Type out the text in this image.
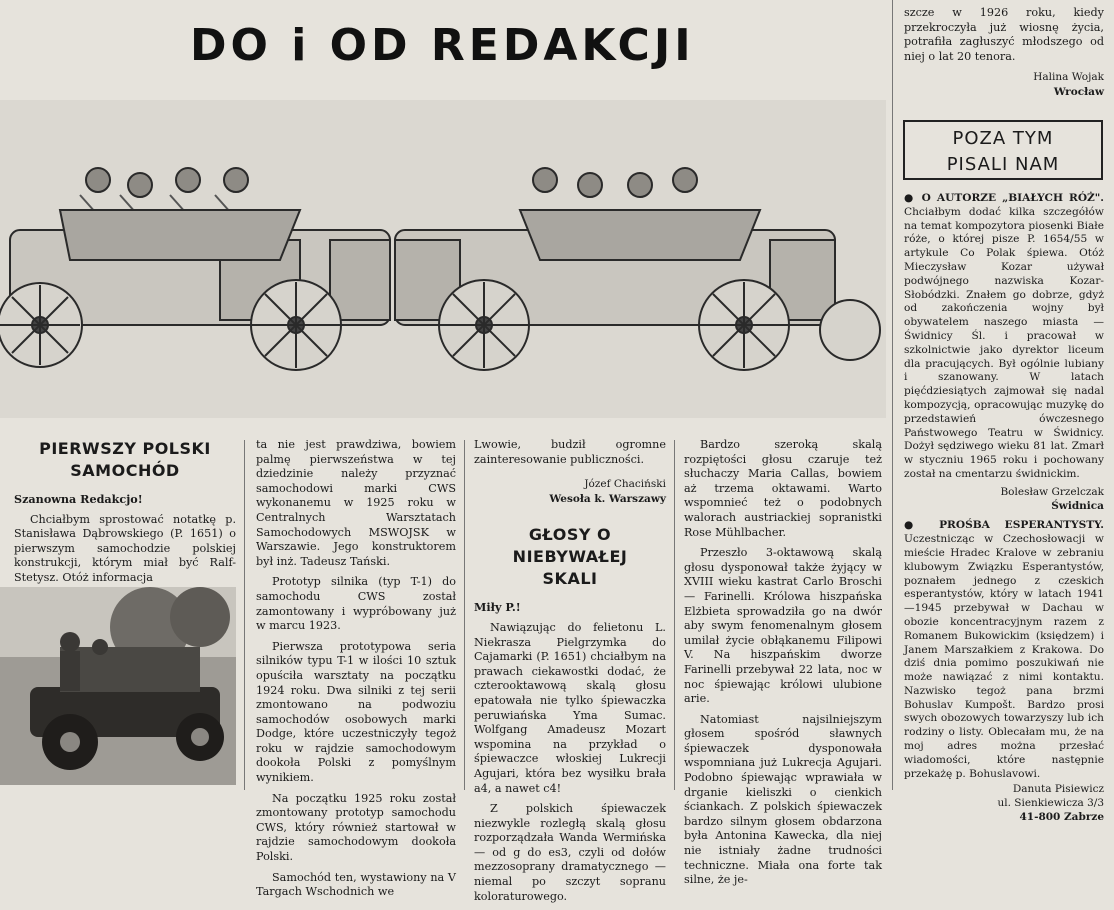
DO i OD REDAKCJI

szcze w 1926 roku, kiedy przekroczyła już wiosnę życia, potrafiła zagłuszyć młodszego od niej o lat 20 tenora.

Halina Wojak

Wrocław

POZA TYM
PISALI NAM
PIERWSZY POLSKI
SAMOCHÓD

Szanowna Redakcjo!

Chciałbym sprostować notatkę p. Stanisława Dąbrowskiego (P. 1651) o pierwszym samochodzie polskiej konstrukcji, którym miał być Ralf-Stetysz. Otóż informacja

ta nie jest prawdziwa, bowiem palmę pierwszeństwa w tej dziedzinie należy przyznać samochodowi marki CWS wykonanemu w 1925 roku w Centralnych Warsztatach Samochodowych MSWOJSK w Warszawie. Jego konstruktorem był inż. Tadeusz Tański.

Prototyp silnika (typ T-1) do samochodu CWS został zamontowany i wypróbowany już w marcu 1923.

Pierwsza prototypowa seria silników typu T-1 w ilości 10 sztuk opuściła warsztaty na początku 1924 roku. Dwa silniki z tej serii zmontowano na podwoziu samochodów osobowych marki Dodge, które uczestniczyły tegoż roku w rajdzie samochodowym dookoła Polski z pomyślnym wynikiem.

Na początku 1925 roku został zmontowany prototyp samochodu CWS, który również startował w rajdzie samochodowym dookoła Polski.

Samochód ten, wystawiony na V Targach Wschodnich we

Lwowie, budził ogromne zainteresowanie publiczności.

Józef Chaciński

Wesoła k. Warszawy

GŁOSY O NIEBYWAŁEJ
SKALI

Miły P.!

Nawiązując do felietonu L. Niekrasza Pielgrzymka do Cajamarki (P. 1651) chciałbym na prawach ciekawostki dodać, że czterooktawową skalą głosu epatowała nie tylko śpiewaczka peruwiańska Yma Sumac. Wolfgang Amadeusz Mozart wspomina na przykład o śpiewaczce włoskiej Lukrecji Agujari, która bez wysiłku brała a4, a nawet c4!

Z polskich śpiewaczek niezwykle rozległą skalą głosu rozporządzała Wanda Wermińska — od g do es3, czyli od dołów mezzosoprany dramatycznego — niemal po szczyt sopranu koloraturowego.

Bardzo szeroką skalą rozpiętości głosu czaruje też słuchaczy Maria Callas, bowiem aż trzema oktawami. Warto wspomnieć też o podobnych walorach austriackiej sopranistki Rose Mühlbacher.

Przeszło 3-oktawową skalą głosu dysponował także żyjący w XVIII wieku kastrat Carlo Broschi — Farinelli. Królowa hiszpańska Elżbieta sprowadziła go na dwór aby swym fenomenalnym głosem umilał życie obłąkanemu Filipowi V. Na hiszpańskim dworze Farinelli przebywał 22 lata, noc w noc śpiewając królowi ulubione arie.

Natomiast najsilniejszym głosem spośród sławnych śpiewaczek dysponowała wspomniana już Lukrecja Agujari. Podobno śpiewając wprawiała w drganie kieliszki o cienkich ściankach. Z polskich śpiewaczek bardzo silnym głosem obdarzona była Antonina Kawecka, dla niej nie istniały żadne trudności techniczne. Miała ona forte tak silne, że je-

● O AUTORZE „BIAŁYCH RÓŻ". Chciałbym dodać kilka szczegółów na temat kompozytora piosenki Białe róże, o której pisze P. 1654/55 w artykule Co Polak śpiewa. Otóż Mieczysław Kozar używał podwójnego nazwiska Kozar-Słobódzki. Znałem go dobrze, gdyż od zakończenia wojny był obywatelem naszego miasta — Świdnicy Śl. i pracował w szkolnictwie jako dyrektor liceum dla pracujących. Był ogólnie lubiany i szanowany. W latach pięćdziesiątych zajmował się nadal kompozycją, opracowując muzykę do przedstawień ówczesnego Państwowego Teatru w Świdnicy. Dożył sędziwego wieku 81 lat. Zmarł w styczniu 1965 roku i pochowany został na cmentarzu świdnickim.

Bolesław Grzelczak

Świdnica

● PROŚBA ESPERANTYSTY. Uczestnicząc w Czechosłowacji w mieście Hradec Kralove w zebraniu klubowym Związku Esperantystów, poznałem jednego z czeskich esperantystów, który w latach 1941—1945 przebywał w Dachau w obozie koncentracyjnym razem z Romanem Bukowickim (księdzem) i Janem Marszałkiem z Krakowa. Do dziś dnia pomimo poszukiwań nie może nawiązać z nimi kontaktu. Nazwisko tegoż pana brzmi Bohuslav Kumpošt. Bardzo prosi swych obozowych towarzyszy lub ich rodziny o listy. Oblecałam mu, że na moj adres można przesłać wiadomości, które następnie przekażę p. Bohuslavowi.

Danuta Pisiewicz

ul. Sienkiewicza 3/3

41-800 Zabrze
